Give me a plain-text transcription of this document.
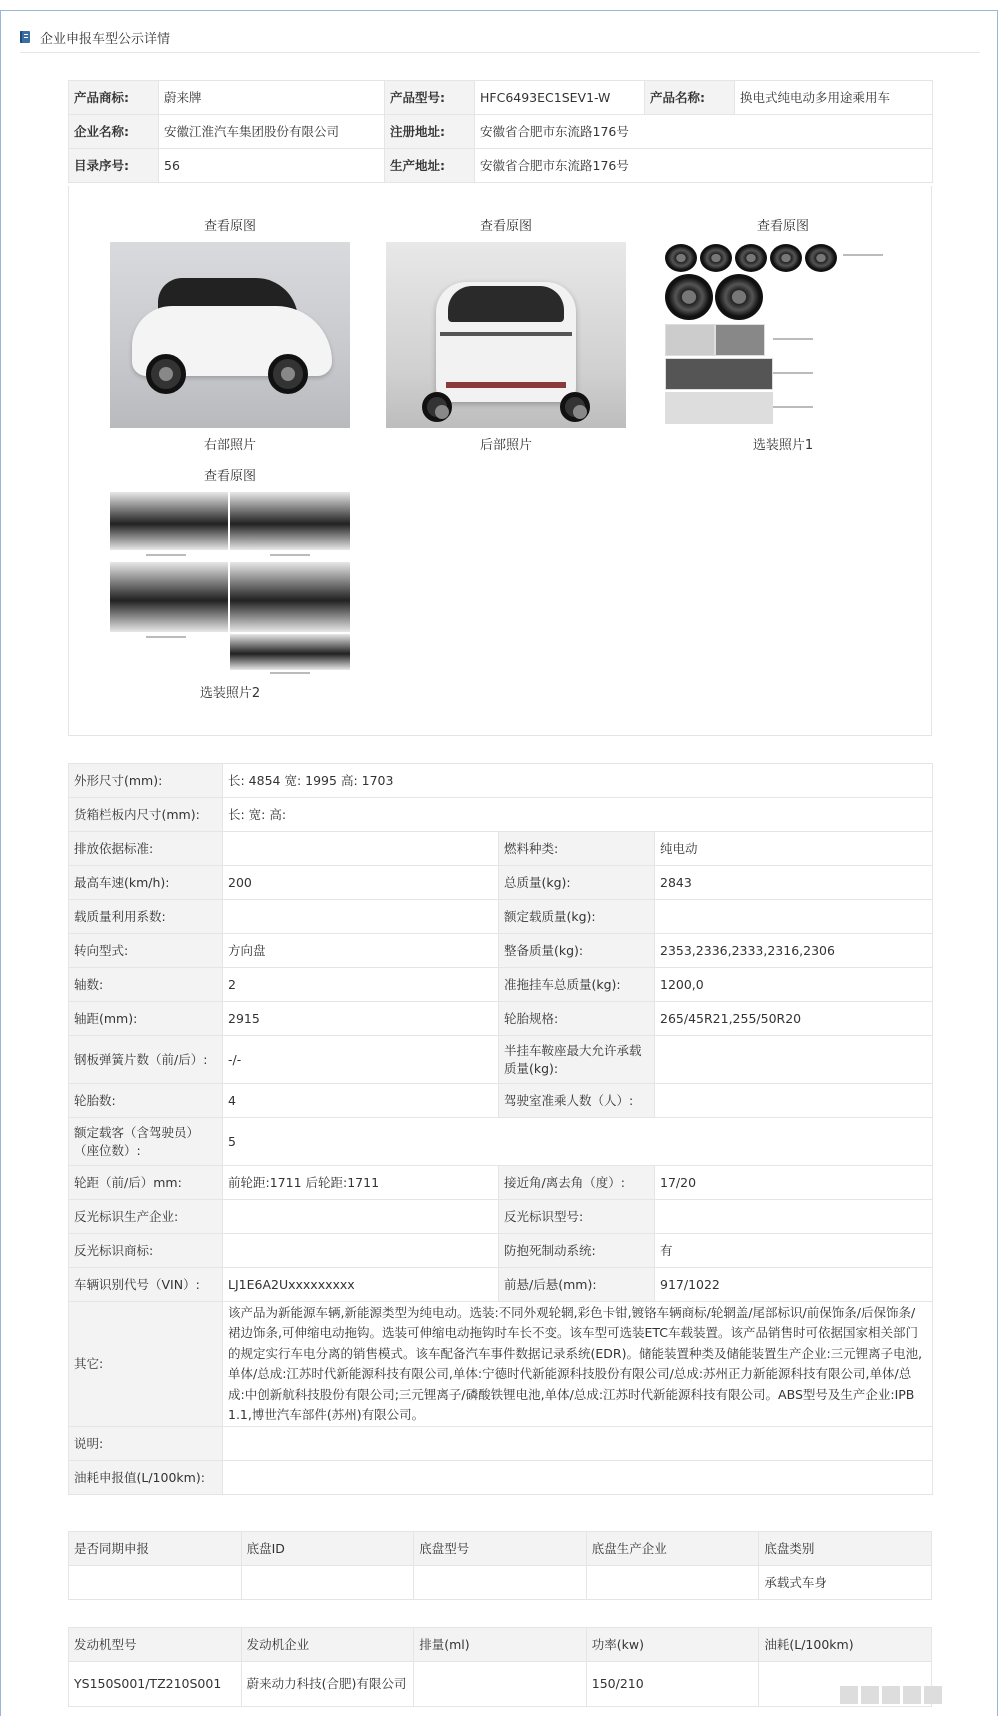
企业申报车型公示详情
产品商标:	蔚来牌	产品型号:	HFC6493EC1SEV1-W	产品名称:	换电式纯电动多用途乘用车
企业名称:	安徽江淮汽车集团股份有限公司	注册地址:	安徽省合肥市东流路176号		
目录序号:	56	生产地址:	安徽省合肥市东流路176号		
查看原图
右部照片
查看原图
后部照片
查看原图
选装照片1
查看原图
选装照片2
外形尺寸(mm):	长: 4854 宽: 1995 高: 1703		
货箱栏板内尺寸(mm):	长: 宽: 高:		
排放依据标准:		燃料种类:	纯电动
最高车速(km/h):	200	总质量(kg):	2843
载质量利用系数:		额定载质量(kg):	
转向型式:	方向盘	整备质量(kg):	2353,2336,2333,2316,2306
轴数:	2	准拖挂车总质量(kg):	1200,0
轴距(mm):	2915	轮胎规格:	265/45R21,255/50R20
钢板弹簧片数（前/后）:	-/-	半挂车鞍座最大允许承载质量(kg):	
轮胎数:	4	驾驶室准乘人数（人）:	
额定载客（含驾驶员）（座位数）:	5		
轮距（前/后）mm:	前轮距:1711 后轮距:1711	接近角/离去角（度）:	17/20
反光标识生产企业:		反光标识型号:	
反光标识商标:		防抱死制动系统:	有
车辆识别代号（VIN）:	LJ1E6A2Uxxxxxxxxx	前悬/后悬(mm):	917/1022
其它:	该产品为新能源车辆,新能源类型为纯电动。选装:不同外观轮辋,彩色卡钳,镀铬车辆商标/轮辋盖/尾部标识/前保饰条/后保饰条/裙边饰条,可伸缩电动拖钩。选装可伸缩电动拖钩时车长不变。该车型可选装ETC车载装置。该产品销售时可依据国家相关部门的规定实行车电分离的销售模式。该车配备汽车事件数据记录系统(EDR)。储能装置种类及储能装置生产企业:三元锂离子电池,单体/总成:江苏时代新能源科技有限公司,单体:宁德时代新能源科技股份有限公司/总成:苏州正力新能源科技有限公司,单体/总成:中创新航科技股份有限公司;三元锂离子/磷酸铁锂电池,单体/总成:江苏时代新能源科技有限公司。ABS型号及生产企业:IPB 1.1,博世汽车部件(苏州)有限公司。		
说明:			
油耗申报值(L/100km):			
是否同期申报	底盘ID	底盘型号	底盘生产企业	底盘类别
				承载式车身
发动机型号	发动机企业	排量(ml)	功率(kw)	油耗(L/100km)
YS150S001/TZ210S001	蔚来动力科技(合肥)有限公司		150/210	
